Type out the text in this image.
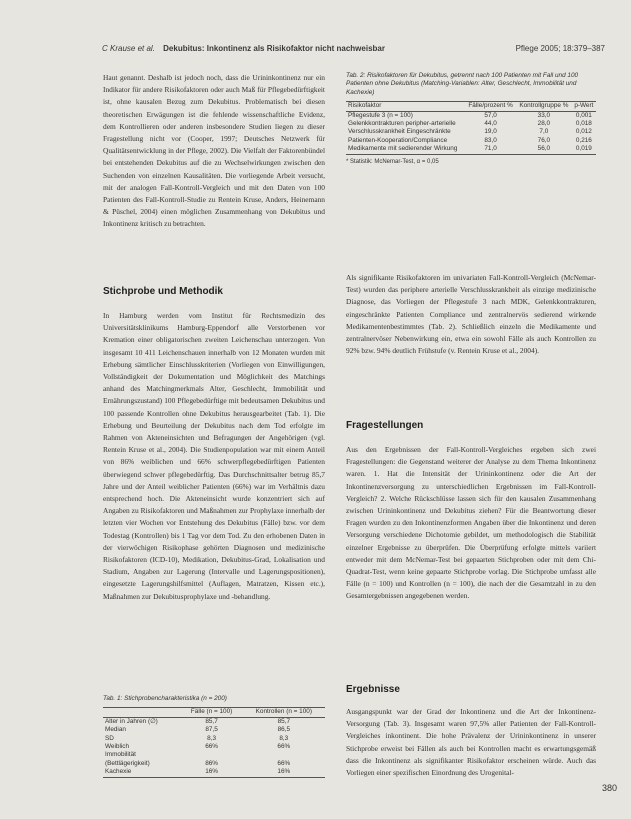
C Krause et al. Dekubitus: Inkontinenz als Risikofaktor nicht nachweisbar	Pflege 2005; 18:379–387

Haut genannt. Deshalb ist jedoch noch, dass die Urininkontinenz nur ein Indikator für andere Risikofaktoren oder auch Maß für Pflegebedürftigkeit ist, ohne kausalen Bezug zum Dekubitus. Problematisch bei diesen theoretischen Erwägungen ist die fehlende wissenschaftliche Evidenz, dem Kontrollieren oder anderen insbesondere Studien liegen zu dieser Fragestellung nicht vor (Cooper, 1997; Deutsches Netzwerk für Qualitätsentwicklung in der Pflege, 2002). Die Vielfalt der Faktorenbündel bei entstehenden Dekubitus auf die zu Wechselwirkungen zwischen den Suchenden von einzelnen Kausalitäten. Die vorliegende Arbeit versucht, mit der analogen Fall-Kontroll-Vergleich und mit den Daten von 100 Patienten des Fall-Kontroll-Studie zu Rentein Kruse, Anders, Heinemann & Püschel, 2004) einen möglichen Zusammenhang von Dekubitus und Inkontinenz kritisch zu betrachten.

Stichprobe und Methodik

In Hamburg werden vom Institut für Rechtsmedizin des Universitätsklinikums Hamburg-Eppendorf alle Verstorbenen vor Kremation einer obligatorischen zweiten Leichenschau unterzogen. Von insgesamt 10 411 Leichenschauen innerhalb von 12 Monaten wurden mit Erhebung sämtlicher Einschlusskriterien (Vorliegen von Einwilligungen, Vollständigkeit der Dokumentation und Möglichkeit des Matchings anhand des Matchingmerkmals Alter, Geschlecht, Immobilität und Ernährungszustand) 100 Pflegebedürftige mit bedeutsamen Dekubitus und 100 passende Kontrollen ohne Dekubitus herausgearbeitet (Tab. 1). Die Erhebung und Beurteilung der Dekubitus nach dem Tod erfolgte im Rahmen von Akteneinsichten und Befragungen der Angehörigen (vgl. Rentein Kruse et al., 2004). Die Studienpopulation war mit einem Anteil von 86% weiblichen und 66% schwerpflegebedürftigen Patienten überwiegend schwer pflegebedürftig. Das Durchschnittsalter betrug 85,7 Jahre und der Anteil weiblicher Patienten (66%) war im Verhältnis dazu entsprechend hoch. Die Akteneinsicht wurde konzentriert sich auf Angaben zu Risikofaktoren und Maßnahmen zur Prophylaxe innerhalb der letzten vier Wochen vor Entstehung des Dekubitus (Fälle) bzw. vor dem Todestag (Kontrollen) bis 1 Tag vor dem Tod. Zu den erhobenen Daten in der vierwöchigen Risikophase gehörten Diagnosen und medizinische Risikofaktoren (ICD-10), Medikation, Dekubitus-Grad, Lokalisation und Stadium, Angaben zur Lagerung (Intervalle und Lagerungspositionen), eingesetzte Lagerungshilfsmittel (Auflagen, Matratzen, Kissen etc.), Maßnahmen zur Dekubitusprophylaxe und -behandlung.

Tab. 1: Stichprobencharakteristika (n = 200)
	Fälle (n = 100)	Kontrollen (n = 100)
Alter in Jahren (∅)	85,7	85,7
Median	87,5	86,5
SD	8,3	8,3
Weiblich	66%	66%
Immobilität		
(Bettlägerigkeit)	86%	66%
Kachexie	16%	16%
Tab. 2: Risikofaktoren für Dekubitus, getrennt nach 100 Patienten mit Fall und 100 Patienten ohne Dekubitus (Matching-Variablen: Alter, Geschlecht, Immobilität und Kachexie)
Risikofaktor	Fälle/prozent %	Kontrollgruppe %	p-Wert
Pflegestufe 3 (n = 100)	57,0	33,0	0,001
Gelenkkontrakturen peripher-arterielle	44,0	28,0	0,018
Verschlusskrankheit Eingeschränkte	19,0	7,0	0,012
Patienten-Kooperation/Compliance	83,0	76,0	0,216
Medikamente mit sedierender Wirkung	71,0	56,0	0,019
* Statistik: McNemar-Test, α = 0,05

Als signifikante Risikofaktoren im univariaten Fall-Kontroll-Vergleich (McNemar-Test) wurden das periphere arterielle Verschlusskrankheit als einzige medizinische Diagnose, das Vorliegen der Pflegestufe 3 nach MDK, Gelenkkontrakturen, eingeschränkte Patienten Compliance und zentralnervös sedierend wirkende Medikamentenbestimmtes (Tab. 2). Schließlich einzeln die Medikamente und zentralnervöser Nebenwirkung ein, etwa ein sowohl Fälle als auch Kontrollen zu 92% bzw. 94% deutlich Frühstufe (v. Rentein Kruse et al., 2004).

Fragestellungen

Aus den Ergebnissen der Fall-Kontroll-Vergleiches ergeben sich zwei Fragestellungen: die Gegenstand weiterer der Analyse zu dem Thema Inkontinenz waren. 1. Hat die Intensität der Urininkontinenz oder die Art der Inkontinenzversorgung zu unterschiedlichen Ergebnissen im Fall-Kontroll-Vergleich? 2. Welche Rückschlüsse lassen sich für den kausalen Zusammenhang zwischen Urininkontinenz und Dekubitus ziehen? Für die Beantwortung dieser Fragen wurden zu den Inkontinenzformen Angaben über die Inkontinenz und deren Versorgung verschiedene Dichotomie gebildet, um methodologisch die Stabilität einzelner Ergebnisse zu überprüfen. Die Überprüfung erfolgte mittels variiert entweder mit dem McNemar-Test bei gepaarten Stichproben oder mit dem Chi-Quadrat-Test, wenn keine gepaarte Stichprobe vorlag. Die Stichprobe umfasst alle Fälle (n = 100) und Kontrollen (n = 100), die nach der die Gesamtzahl in zu den Gesamtergebnissen angegebenen werden.

Ergebnisse

Ausgangspunkt war der Grad der Inkontinenz und die Art der Inkontinenz-Versorgung (Tab. 3). Insgesamt waren 97,5% aller Patienten der Fall-Kontroll-Vergleiches inkontinent. Die hohe Prävalenz der Urininkontinenz in unserer Stichprobe erweist bei Fällen als auch bei Kontrollen macht es erwartungsgemäß dass die Inkontinenz als signifikanter Risikofaktor erscheinen würde. Auch das Vorliegen einer spezifischen Einordnung des Urogenital-

380
